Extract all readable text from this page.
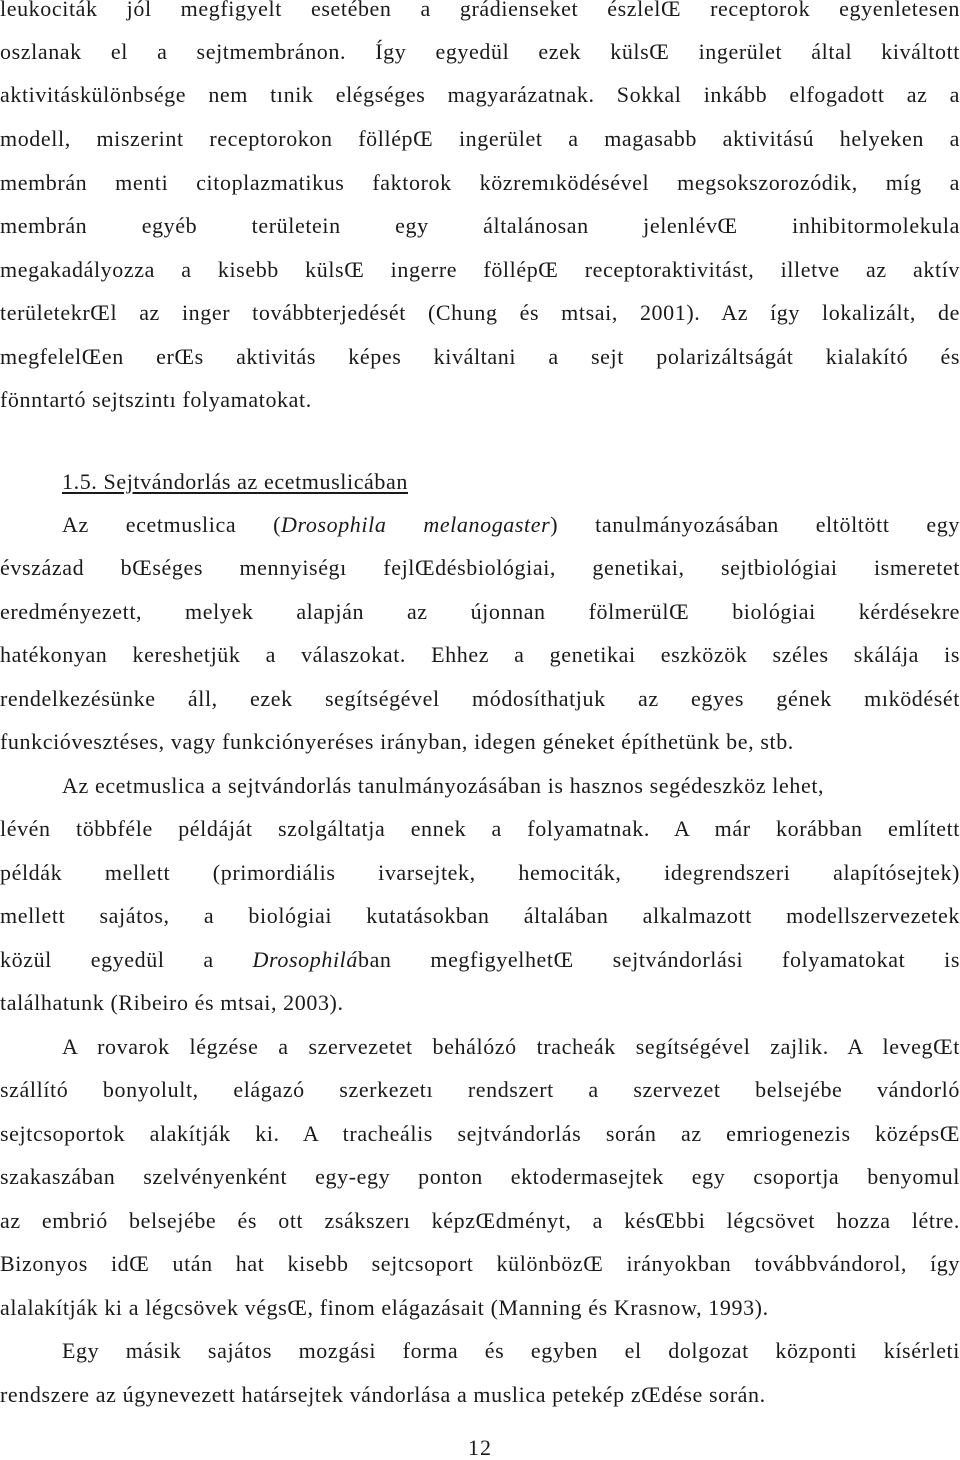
leukociták jól megfigyelt esetében a grádienseket észlelŒ receptorok egyenletesen
oszlanak el a sejtmembránon. Így egyedül ezek külsŒ ingerület által kiváltott
aktivitáskülönbsége nem tınik elégséges magyarázatnak. Sokkal inkább elfogadott az a
modell, miszerint receptorokon föllépŒ ingerület a magasabb aktivitású helyeken a
membrán menti citoplazmatikus faktorok közremıködésével megsokszorozódik, míg a
membrán egyéb területein egy általánosan jelenlévŒ inhibitormolekula
megakadályozza a kisebb külsŒ ingerre föllépŒ receptoraktivitást, illetve az aktív
területekrŒl az inger továbbterjedését (Chung és mtsai, 2001). Az így lokalizált, de
megfelelŒen erŒs aktivitás képes kiváltani a sejt polarizáltságát kialakító és
fönntartó sejtszintı folyamatokat.
1.5. Sejtvándorlás az ecetmuslicában
Az ecetmuslica (Drosophila melanogaster) tanulmányozásában eltöltött egy
évszázad bŒséges mennyiségı fejlŒdésbiológiai, genetikai, sejtbiológiai ismeretet
eredményezett, melyek alapján az újonnan fölmerülŒ biológiai kérdésekre
hatékonyan kereshetjük a válaszokat. Ehhez a genetikai eszközök széles skálája is
rendelkezésünke áll, ezek segítségével módosíthatjuk az egyes gének mıködését
funkcióvesztéses, vagy funkciónyeréses irányban, idegen géneket építhetünk be, stb.
Az ecetmuslica a sejtvándorlás tanulmányozásában is hasznos segédeszköz lehet,
lévén többféle példáját szolgáltatja ennek a folyamatnak. A már korábban említett
példák mellett (primordiális ivarsejtek, hemociták, idegrendszeri alapítósejtek)
mellett sajátos, a biológiai kutatásokban általában alkalmazott modellszervezetek
közül egyedül a Drosophilában megfigyelhetŒ sejtvándorlási folyamatokat is
találhatunk (Ribeiro és mtsai, 2003).
A rovarok légzése a szervezetet behálózó tracheák segítségével zajlik. A levegŒt
szállító bonyolult, elágazó szerkezetı rendszert a szervezet belsejébe vándorló
sejtcsoportok alakítják ki. A tracheális sejtvándorlás során az emriogenezis középsŒ
szakaszában szelvényenként egy-egy ponton ektodermasejtek egy csoportja benyomul
az embrió belsejébe és ott zsákszerı képzŒdményt, a késŒbbi légcsövet hozza létre.
Bizonyos idŒ után hat kisebb sejtcsoport különbözŒ irányokban továbbvándorol, így
alalakítják ki a légcsövek végsŒ, finom elágazásait (Manning és Krasnow, 1993).
Egy másik sajátos mozgási forma és egyben el dolgozat központi kísérleti
rendszere az úgynevezett határsejtek vándorlása a muslica petekép zŒdése során.
12
